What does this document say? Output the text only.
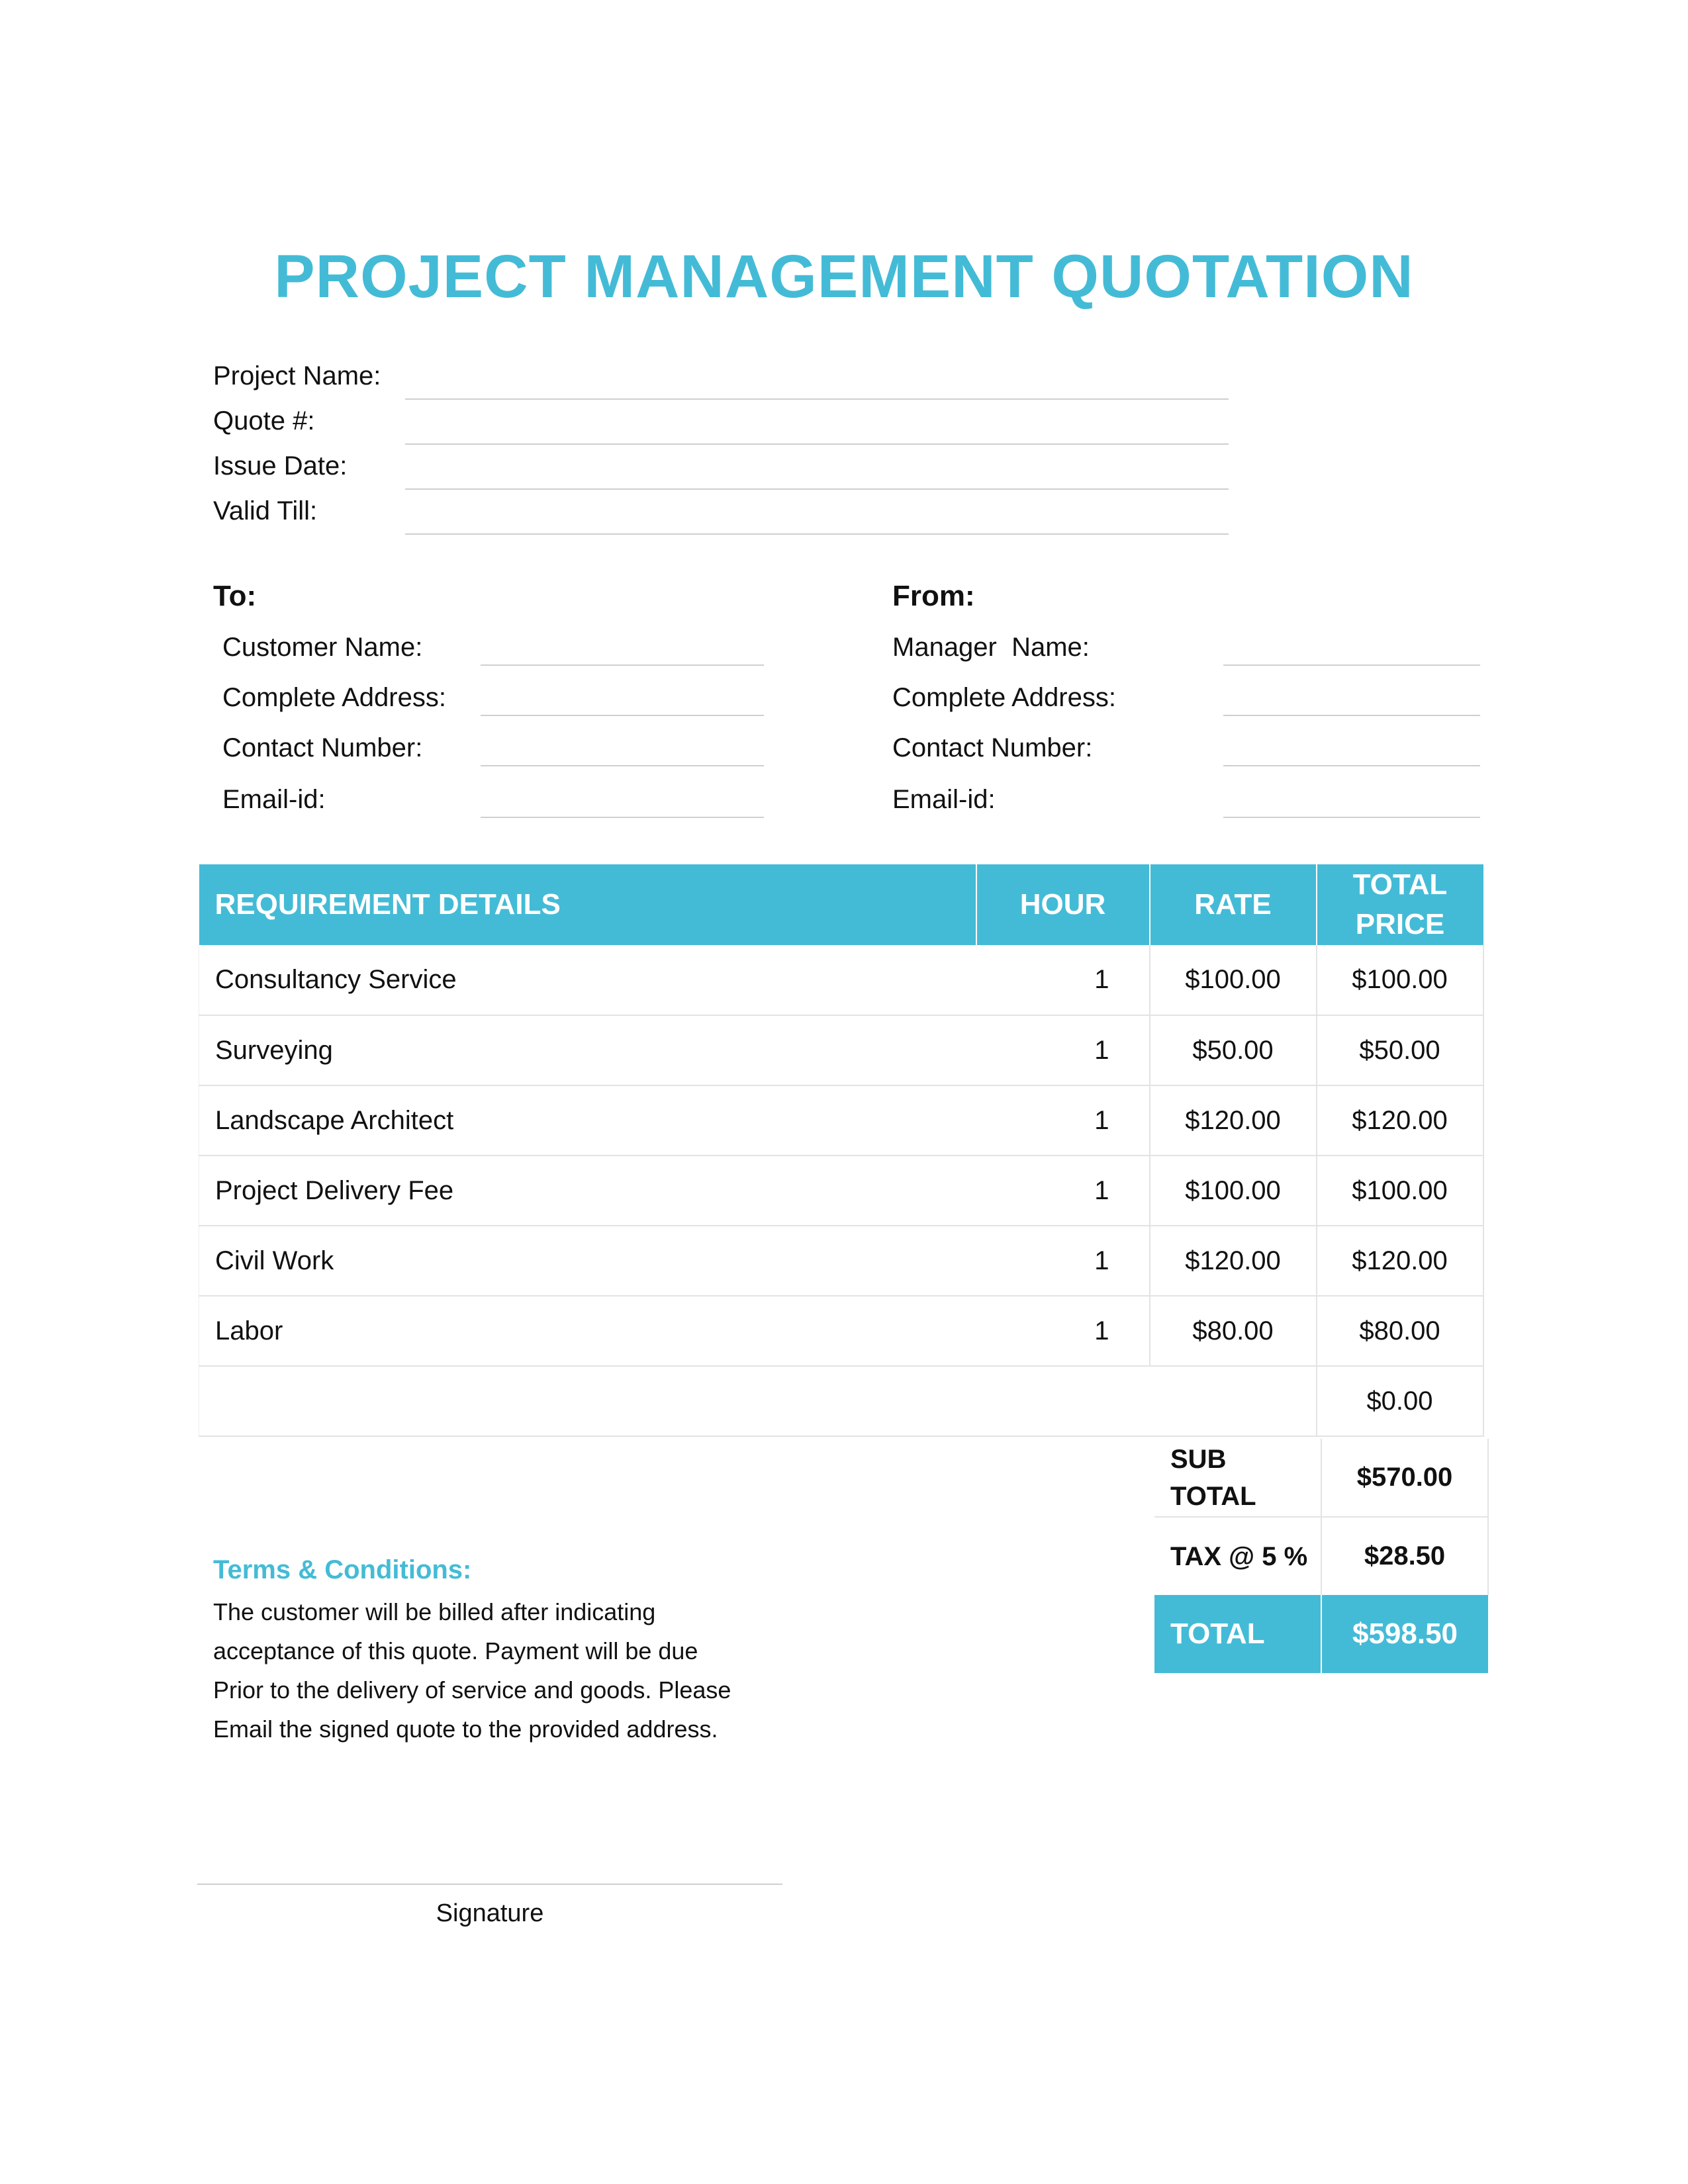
PROJECT MANAGEMENT QUOTATION
Project Name:
Quote #:
Issue Date:
Valid Till:
To:
Customer Name:
Complete Address:
Contact Number:
Email-id:
From:
Manager  Name:
Complete Address:
Contact Number:
Email-id:
REQUIREMENT DETAILS	HOUR	RATE	TOTAL
PRICE

Consultancy Service	1	$100.00	$100.00
Surveying	1	$50.00	$50.00
Landscape Architect	1	$120.00	$120.00
Project Delivery Fee	1	$100.00	$100.00
Civil Work	1	$120.00	$120.00
Labor	1	$80.00	$80.00
			$0.00
SUB
TOTAL	$570.00
TAX @ 5 %	$28.50
TOTAL	$598.50
Terms & Conditions:
The customer will be billed after indicating
acceptance of this quote. Payment will be due
Prior to the delivery of service and goods. Please
Email the signed quote to the provided address.
Signature
